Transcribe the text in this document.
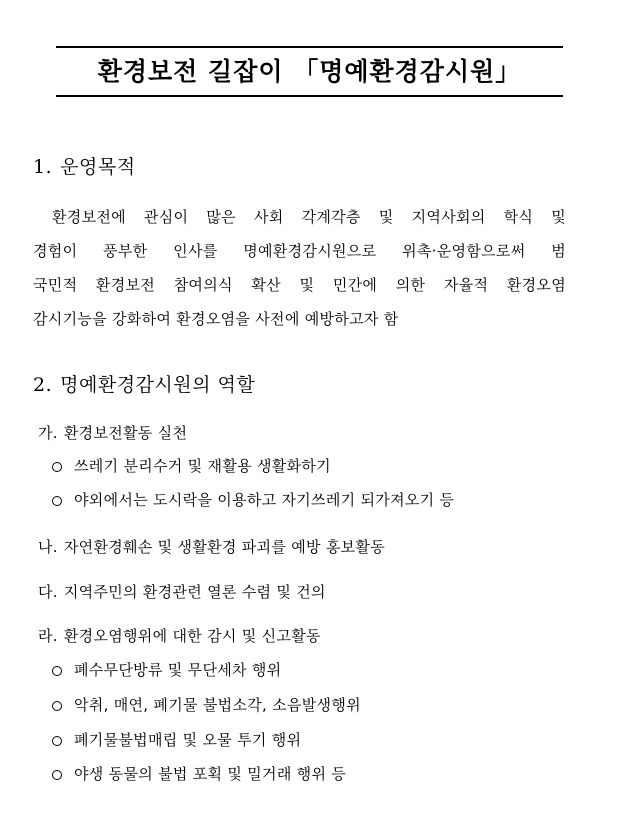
환경보전 길잡이 「명예환경감시원」
1. 운영목적
환경보전에 관심이 많은 사회 각계각층 및 지역사회의 학식 및
경험이 풍부한 인사를 명예환경감시원으로 위촉·운영함으로써 범
국민적 환경보전 참여의식 확산 및 민간에 의한 자율적 환경오염
감시기능을 강화하여 환경오염을 사전에 예방하고자 함
2. 명예환경감시원의 역할
가. 환경보전활동 실천
쓰레기 분리수거 및 재활용 생활화하기
야외에서는 도시락을 이용하고 자기쓰레기 되가져오기 등
나. 자연환경훼손 및 생활환경 파괴를 예방 홍보활동
다. 지역주민의 환경관련 열론 수렴 및 건의
라. 환경오염행위에 대한 감시 및 신고활동
폐수무단방류 및 무단세차 행위
악취, 매연, 폐기물 불법소각, 소음발생행위
폐기물불법매립 및 오물 투기 행위
야생 동물의 불법 포획 및 밀거래 행위 등
